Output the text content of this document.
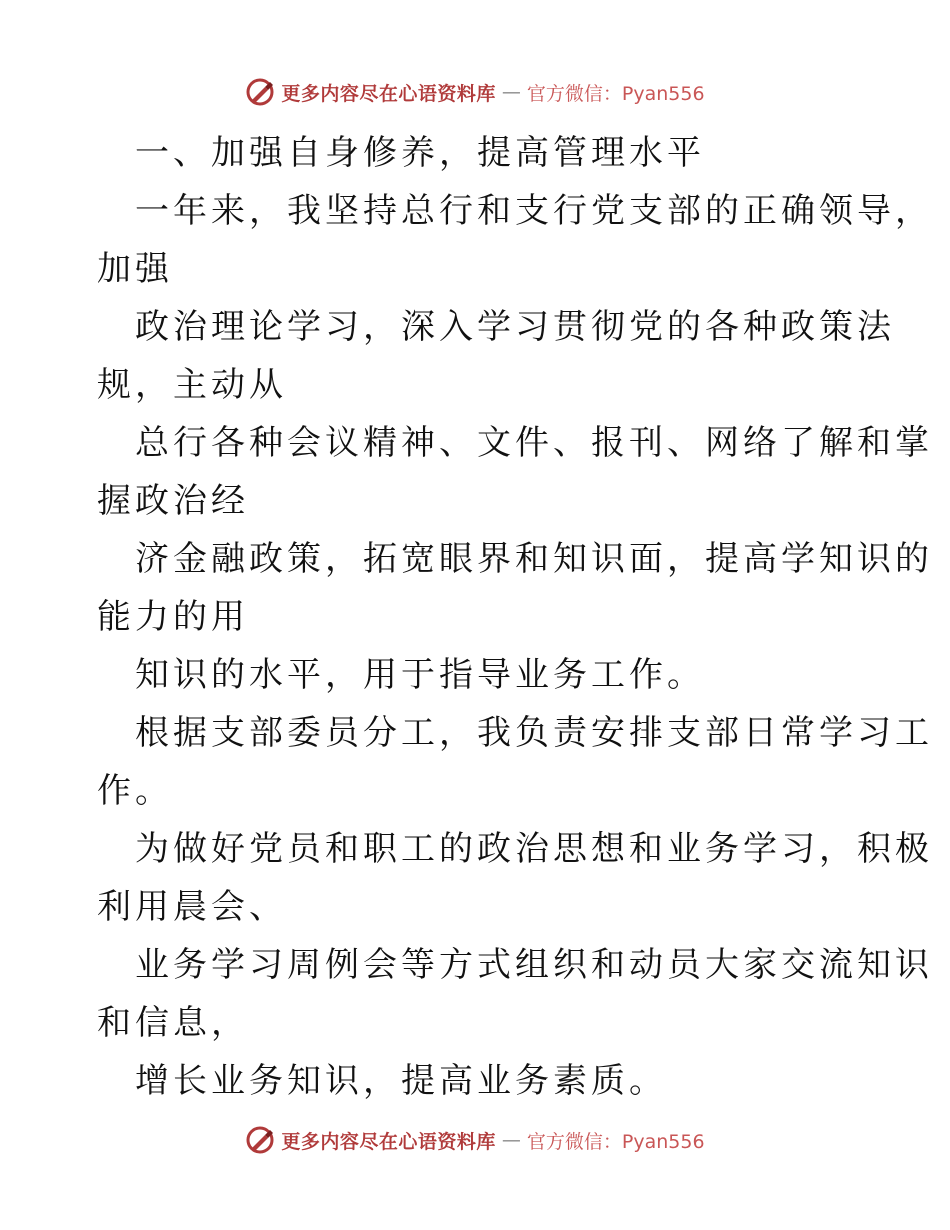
更多内容尽在心语资料库 — 官方微信：Pyan556
一、加强自身修养，提高管理水平
一年来，我坚持总行和支行党支部的正确领导，
加强
政治理论学习，深入学习贯彻党的各种政策法
规，主动从
总行各种会议精神、文件、报刊、网络了解和掌
握政治经
济金融政策，拓宽眼界和知识面，提高学知识的
能力的用
知识的水平，用于指导业务工作。
根据支部委员分工，我负责安排支部日常学习工
作。
为做好党员和职工的政治思想和业务学习，积极
利用晨会、
业务学习周例会等方式组织和动员大家交流知识
和信息，
增长业务知识，提高业务素质。
更多内容尽在心语资料库 — 官方微信：Pyan556
